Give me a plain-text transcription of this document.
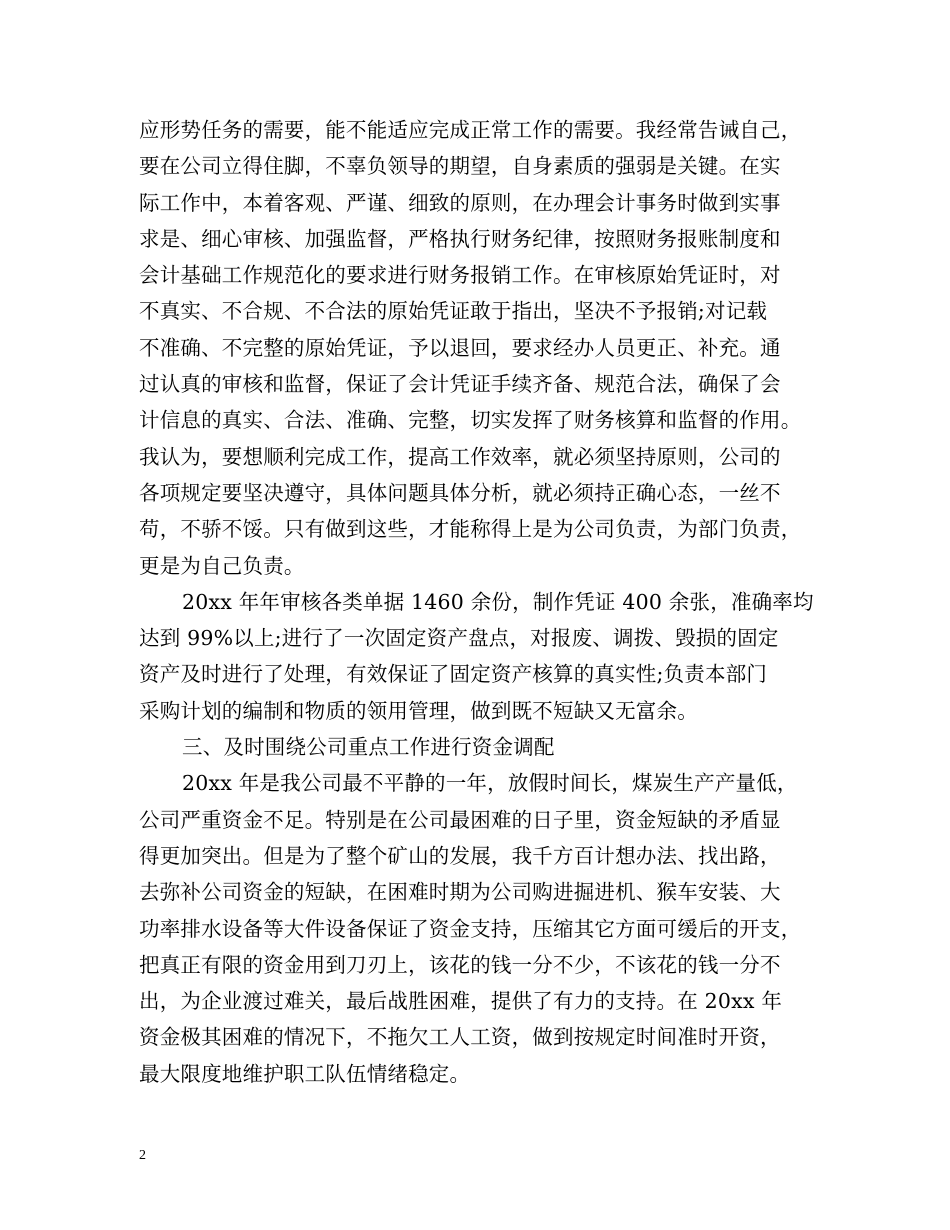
应形势任务的需要，能不能适应完成正常工作的需要。我经常告诫自己，
要在公司立得住脚，不辜负领导的期望，自身素质的强弱是关键。在实
际工作中，本着客观、严谨、细致的原则，在办理会计事务时做到实事
求是、细心审核、加强监督，严格执行财务纪律，按照财务报账制度和
会计基础工作规范化的要求进行财务报销工作。在审核原始凭证时，对
不真实、不合规、不合法的原始凭证敢于指出，坚决不予报销;对记载
不准确、不完整的原始凭证，予以退回，要求经办人员更正、补充。通
过认真的审核和监督，保证了会计凭证手续齐备、规范合法，确保了会
计信息的真实、合法、准确、完整，切实发挥了财务核算和监督的作用。
我认为，要想顺利完成工作，提高工作效率，就必须坚持原则，公司的
各项规定要坚决遵守，具体问题具体分析，就必须持正确心态，一丝不
苟，不骄不馁。只有做到这些，才能称得上是为公司负责，为部门负责，
更是为自己负责。
20xx 年年审核各类单据 1460 余份，制作凭证 400 余张，准确率均
达到 99%以上;进行了一次固定资产盘点，对报废、调拨、毁损的固定
资产及时进行了处理，有效保证了固定资产核算的真实性;负责本部门
采购计划的编制和物质的领用管理，做到既不短缺又无富余。
三、及时围绕公司重点工作进行资金调配
20xx 年是我公司最不平静的一年，放假时间长，煤炭生产产量低，
公司严重资金不足。特别是在公司最困难的日子里，资金短缺的矛盾显
得更加突出。但是为了整个矿山的发展，我千方百计想办法、找出路，
去弥补公司资金的短缺，在困难时期为公司购进掘进机、猴车安装、大
功率排水设备等大件设备保证了资金支持，压缩其它方面可缓后的开支，
把真正有限的资金用到刀刃上，该花的钱一分不少，不该花的钱一分不
出，为企业渡过难关，最后战胜困难，提供了有力的支持。在 20xx 年
资金极其困难的情况下，不拖欠工人工资，做到按规定时间准时开资，
最大限度地维护职工队伍情绪稳定。
2
